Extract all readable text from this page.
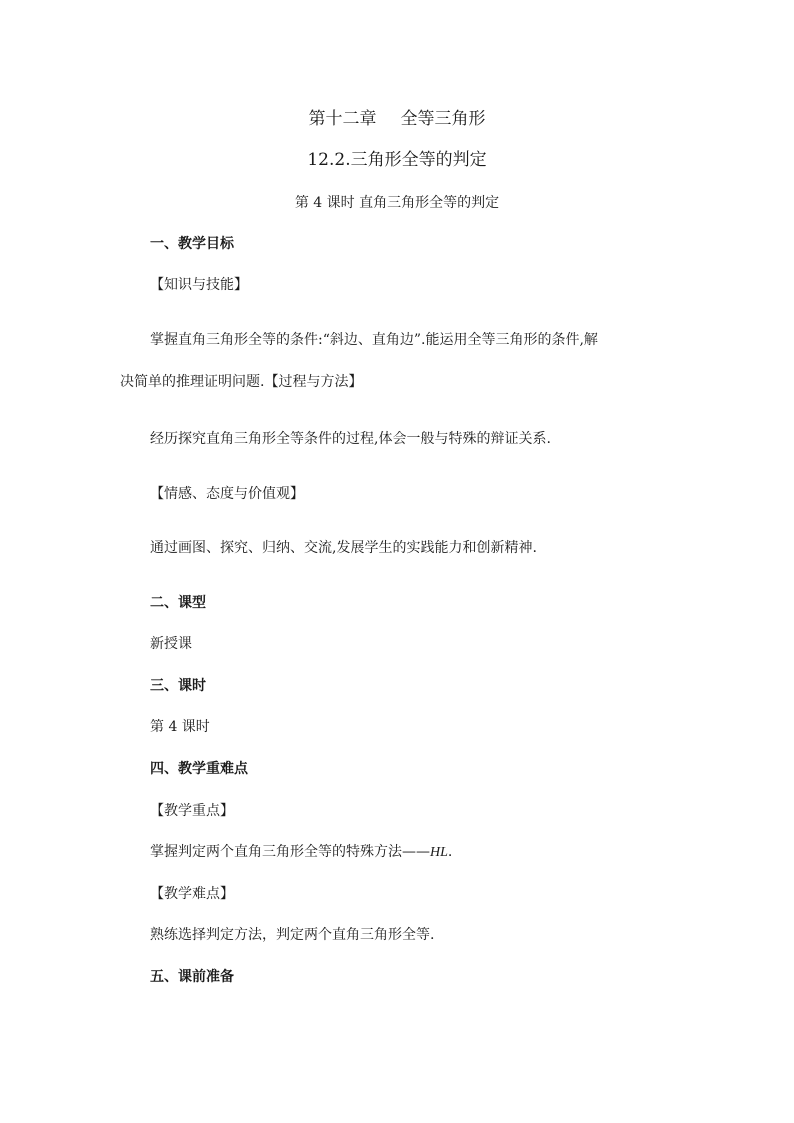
第十二章 全等三角形
12.2.三角形全等的判定
第 4 课时 直角三角形全等的判定
一、教学目标
【知识与技能】
掌握直角三角形全等的条件:“斜边、直角边”.能运用全等三角形的条件,解
决简单的推理证明问题.【过程与方法】
经历探究直角三角形全等条件的过程,体会一般与特殊的辩证关系.
【情感、态度与价值观】
通过画图、探究、归纳、交流,发展学生的实践能力和创新精神.
二、课型
新授课
三、课时
第 4 课时
四、教学重难点
【教学重点】
掌握判定两个直角三角形全等的特殊方法——HL.
【教学难点】
熟练选择判定方法，判定两个直角三角形全等.
五、课前准备
